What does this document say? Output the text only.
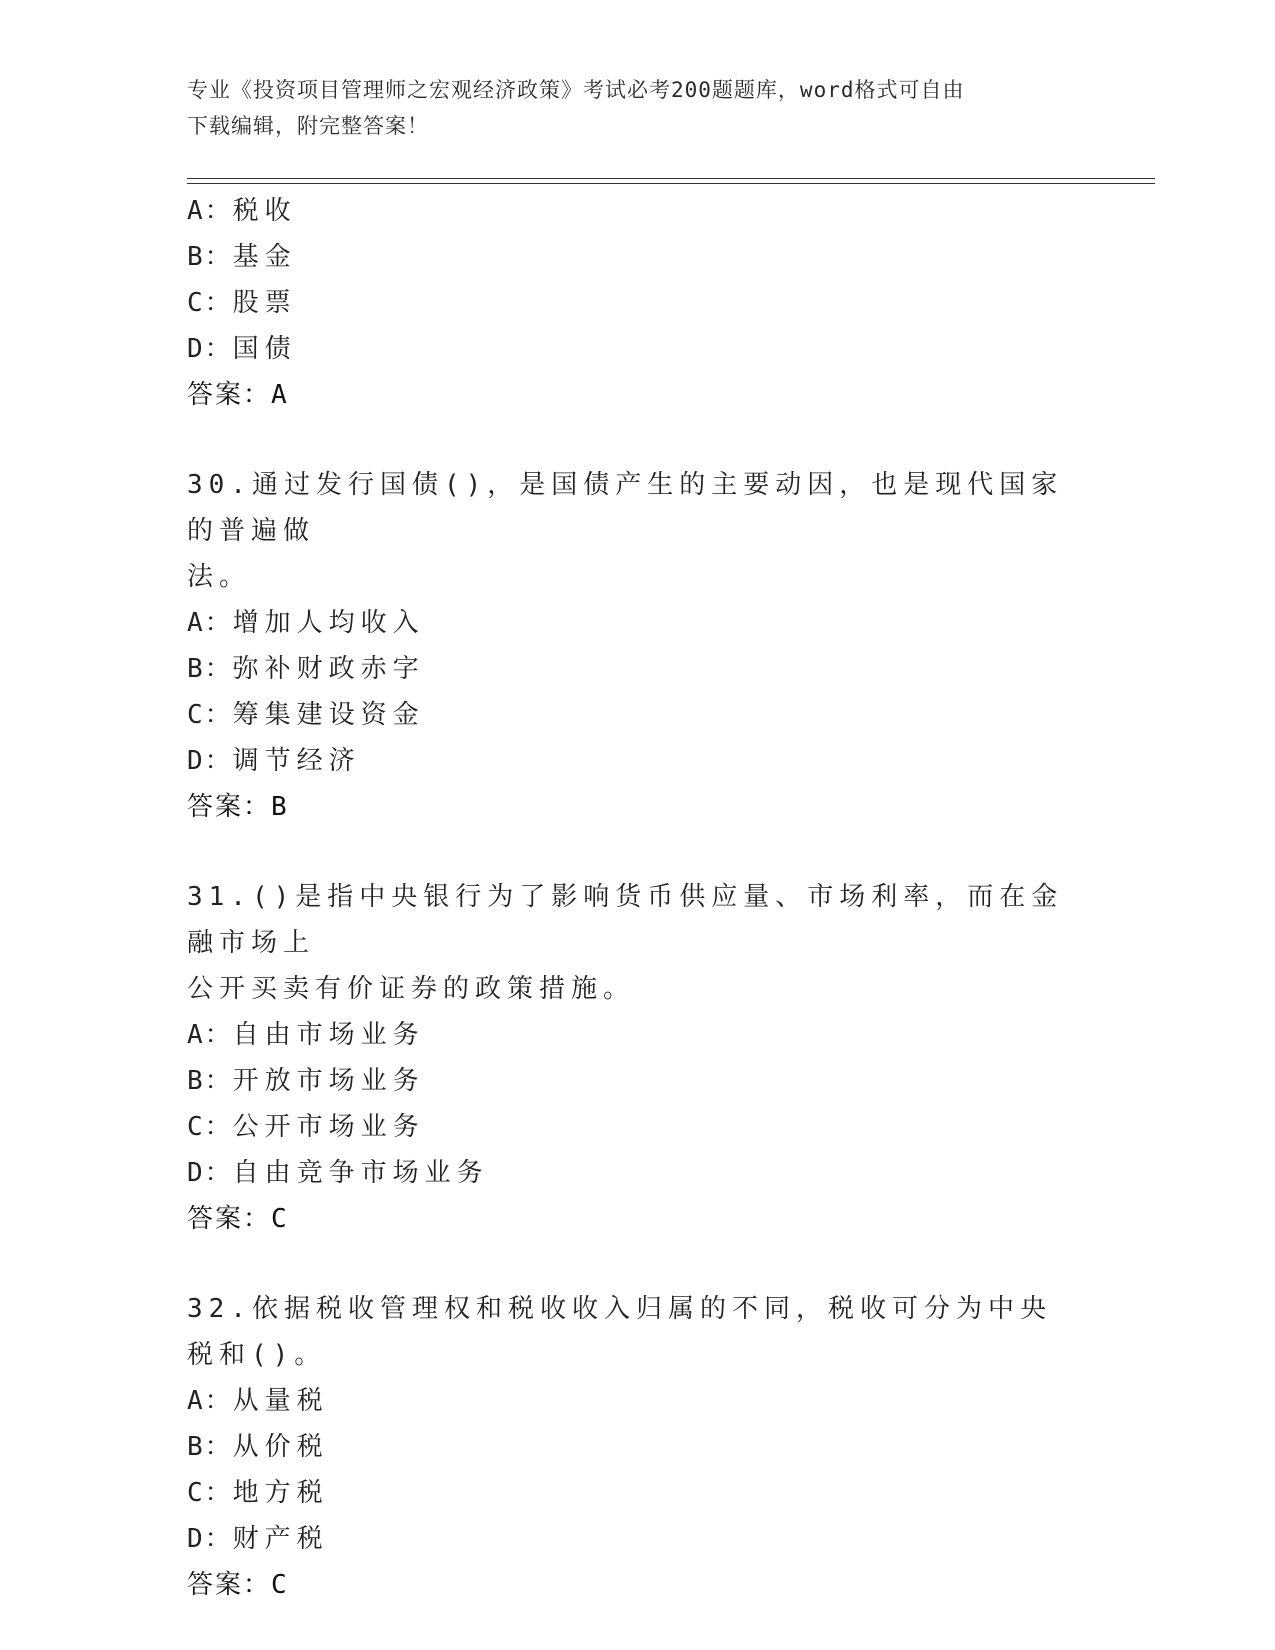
专业《投资项目管理师之宏观经济政策》考试必考200题题库，word格式可自由
下载编辑，附完整答案！
A：税收
B：基金
C：股票
D：国债
答案：A
30.通过发行国债()，是国债产生的主要动因，也是现代国家的普遍做
法。
A：增加人均收入
B：弥补财政赤字
C：筹集建设资金
D：调节经济
答案：B
31.()是指中央银行为了影响货币供应量、市场利率，而在金融市场上
公开买卖有价证券的政策措施。
A：自由市场业务
B：开放市场业务
C：公开市场业务
D：自由竞争市场业务
答案：C
32.依据税收管理权和税收收入归属的不同，税收可分为中央税和()。
A：从量税
B：从价税
C：地方税
D：财产税
答案：C
